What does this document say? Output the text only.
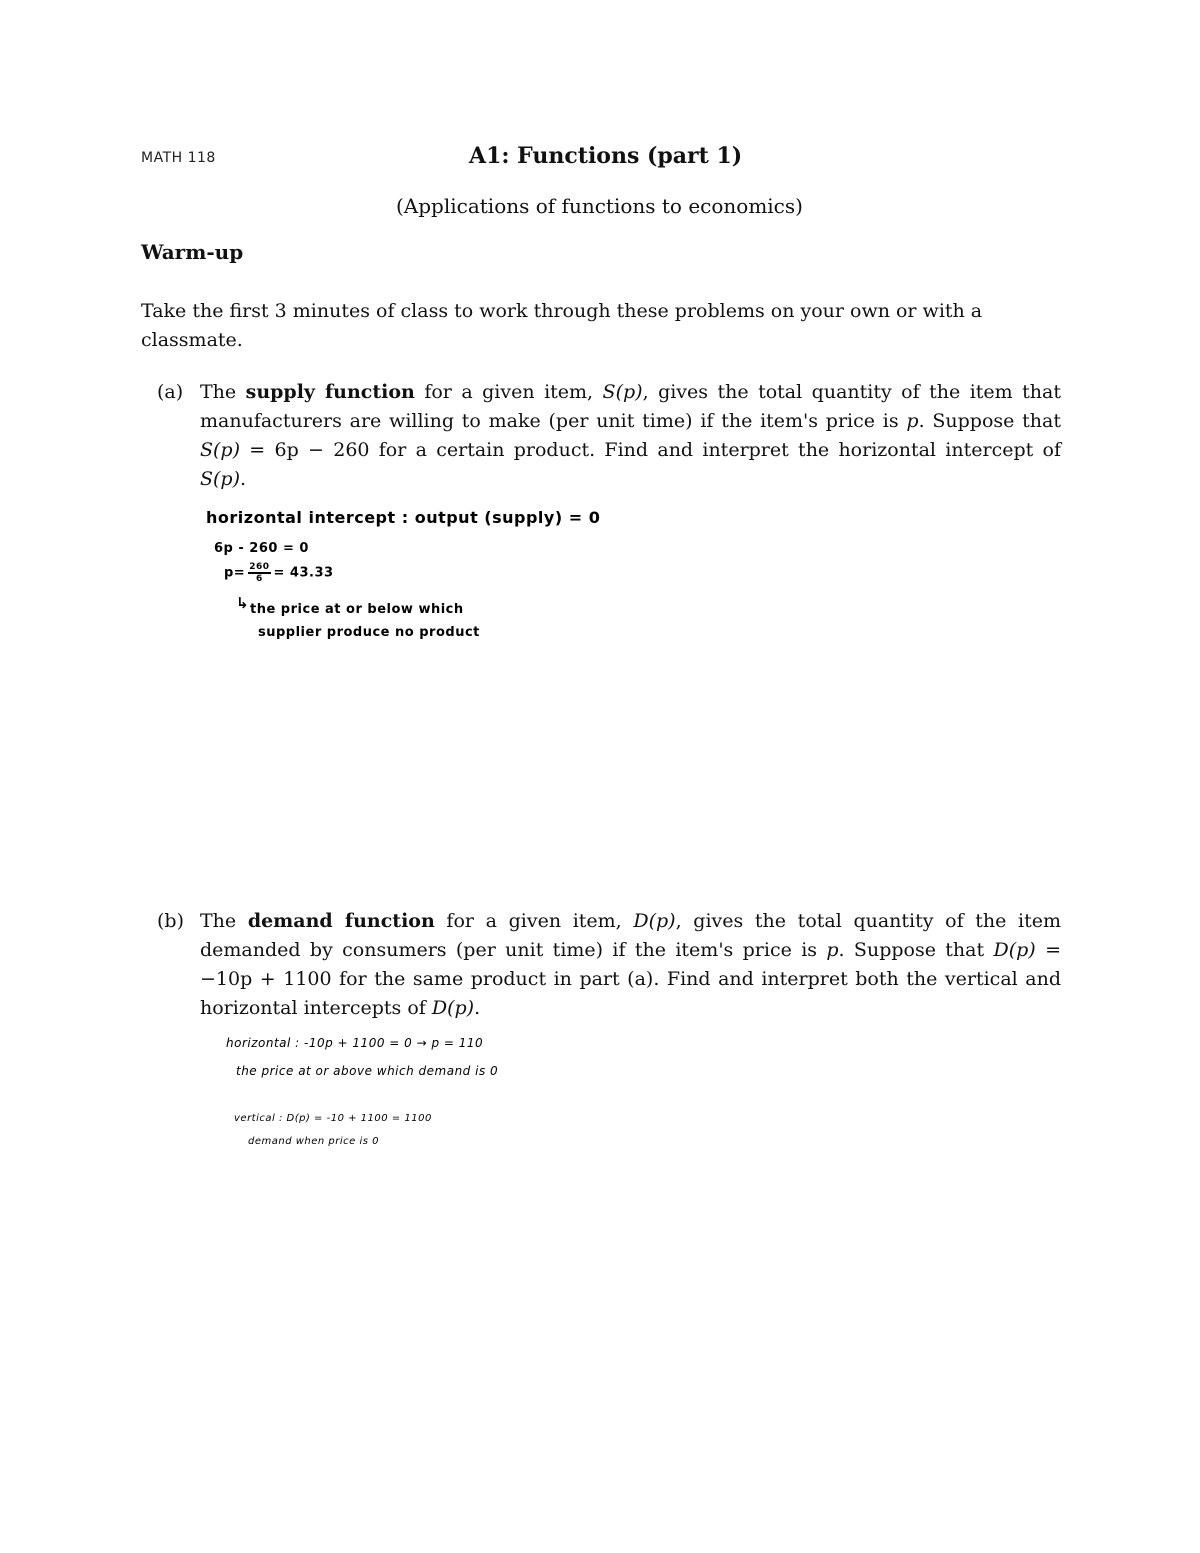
MATH 118	A1: Functions (part 1)
(Applications of functions to economics)
Warm-up
Take the first 3 minutes of class to work through these problems on your own or with a classmate.
(a) The supply function for a given item, S(p), gives the total quantity of the item that manufacturers are willing to make (per unit time) if the item's price is p. Suppose that S(p) = 6p − 260 for a certain product. Find and interpret the horizontal intercept of S(p).
horizontal intercept : output (supply) = 0
6p - 260 = 0
$p= \frac{260}{6} = 43.33$
↳ the price at or below which
supplier produce no product
(b) The demand function for a given item, D(p), gives the total quantity of the item demanded by consumers (per unit time) if the item's price is p. Suppose that D(p) = −10p + 1100 for the same product in part (a). Find and interpret both the vertical and horizontal intercepts of D(p).
horizontal : -10p + 1100 = 0 → p = 110
the price at or above which demand is 0
vertical : D(p) = -10 + 1100 = 1100
demand when price is 0
